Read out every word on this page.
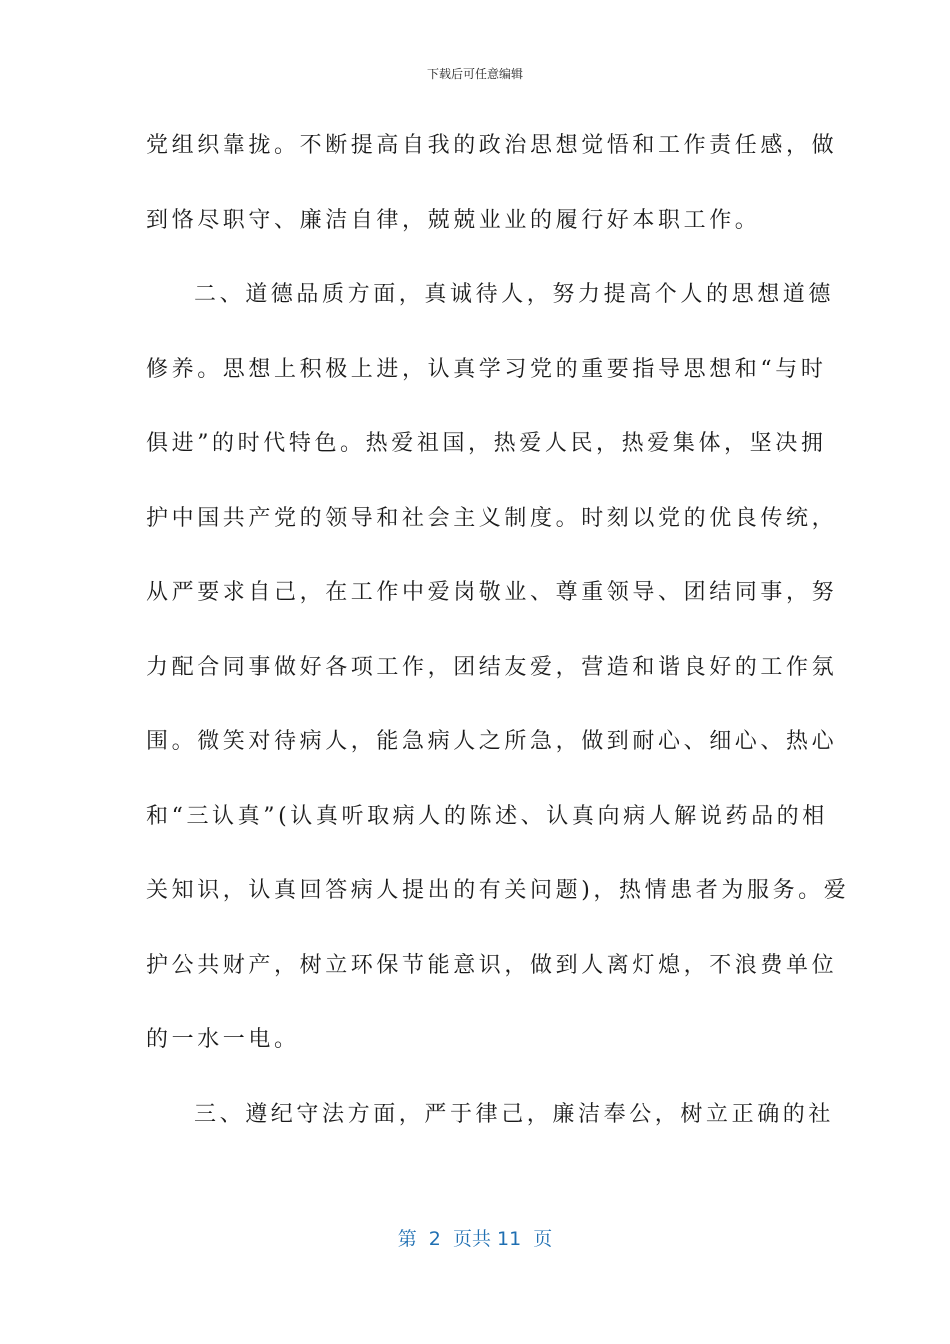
下载后可任意编辑
党组织靠拢。不断提高自我的政治思想觉悟和工作责任感，做
到恪尽职守、廉洁自律，兢兢业业的履行好本职工作。
二、道德品质方面，真诚待人，努力提高个人的思想道德
修养。思想上积极上进，认真学习党的重要指导思想和“与时
俱进”的时代特色。热爱祖国，热爱人民，热爱集体，坚决拥
护中国共产党的领导和社会主义制度。时刻以党的优良传统，
从严要求自己，在工作中爱岗敬业、尊重领导、团结同事，努
力配合同事做好各项工作，团结友爱，营造和谐良好的工作氛
围。微笑对待病人，能急病人之所急，做到耐心、细心、热心
和“三认真”(认真听取病人的陈述、认真向病人解说药品的相
关知识，认真回答病人提出的有关问题)，热情患者为服务。爱
护公共财产，树立环保节能意识，做到人离灯熄，不浪费单位
的一水一电。
三、遵纪守法方面，严于律己，廉洁奉公，树立正确的社
第  2  页共 11  页
